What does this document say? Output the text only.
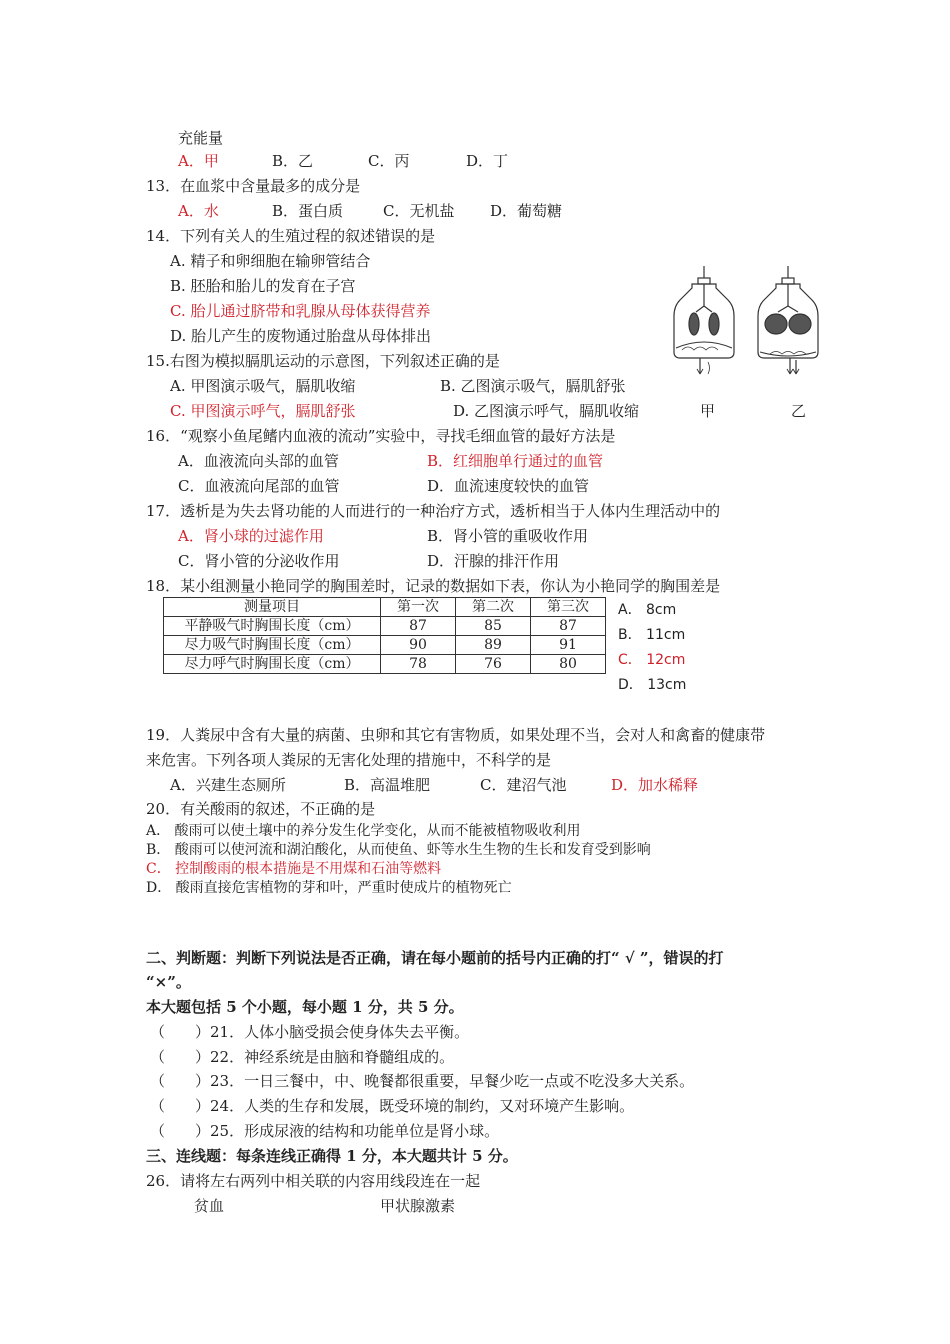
充能量
A．甲	B．乙	C．丙	D．丁
13．在血浆中含量最多的成分是
A．水	B．蛋白质	C．无机盐 D．葡萄糖
14．下列有关人的生殖过程的叙述错误的是
A. 精子和卵细胞在输卵管结合
B. 胚胎和胎儿的发育在子宫
C. 胎儿通过脐带和乳腺从母体获得营养
D. 胎儿产生的废物通过胎盘从母体排出
15.右图为模拟膈肌运动的示意图，下列叙述正确的是
A. 甲图演示吸气，膈肌收缩	B. 乙图演示吸气，膈肌舒张
C. 甲图演示呼气，膈肌舒张	D. 乙图演示呼气，膈肌收缩	甲	乙
16．“观察小鱼尾鳍内血液的流动”实验中，寻找毛细血管的最好方法是
A．血液流向头部的血管	B．红细胞单行通过的血管
C．血液流向尾部的血管	D．血流速度较快的血管
17．透析是为失去肾功能的人而进行的一种治疗方式，透析相当于人体内生理活动中的
A．肾小球的过滤作用	B．肾小管的重吸收作用
C．肾小管的分泌收作用	D．汗腺的排汗作用
18．某小组测量小艳同学的胸围差时，记录的数据如下表，你认为小艳同学的胸围差是
测量项目	第一次	第二次	第三次
平静吸气时胸围长度（cm）	87	85	87
尽力吸气时胸围长度（cm）	90	89	91
尽力呼气时胸围长度（cm）	78	76	80
A． 8cm
B． 11cm
C． 12cm
D． 13cm
19．人粪尿中含有大量的病菌、虫卵和其它有害物质，如果处理不当，会对人和禽畜的健康带
来危害。下列各项人粪尿的无害化处理的措施中，不科学的是
A．兴建生态厕所	B．高温堆肥	C．建沼气池	D．加水稀释
20．有关酸雨的叙述，不正确的是
A． 酸雨可以使土壤中的养分发生化学变化，从而不能被植物吸收利用
B． 酸雨可以使河流和湖泊酸化，从而使鱼、虾等水生生物的生长和发育受到影响
C． 控制酸雨的根本措施是不用煤和石油等燃料
D． 酸雨直接危害植物的芽和叶，严重时使成片的植物死亡
二、判断题：判断下列说法是否正确，请在每小题前的括号内正确的打“ √ ”，错误的打
“×”。
本大题包括 5 个小题，每小题 1 分，共 5 分。
（　　）21．人体小脑受损会使身体失去平衡。
（　　）22．神经系统是由脑和脊髓组成的。
（　　）23．一日三餐中，中、晚餐都很重要，早餐少吃一点或不吃没多大关系。
（　　）24．人类的生存和发展，既受环境的制约，又对环境产生影响。
（　　）25．形成尿液的结构和功能单位是肾小球。
三、连线题：每条连线正确得 1 分，本大题共计 5 分。
26．请将左右两列中相关联的内容用线段连在一起
贫血	甲状腺激素
